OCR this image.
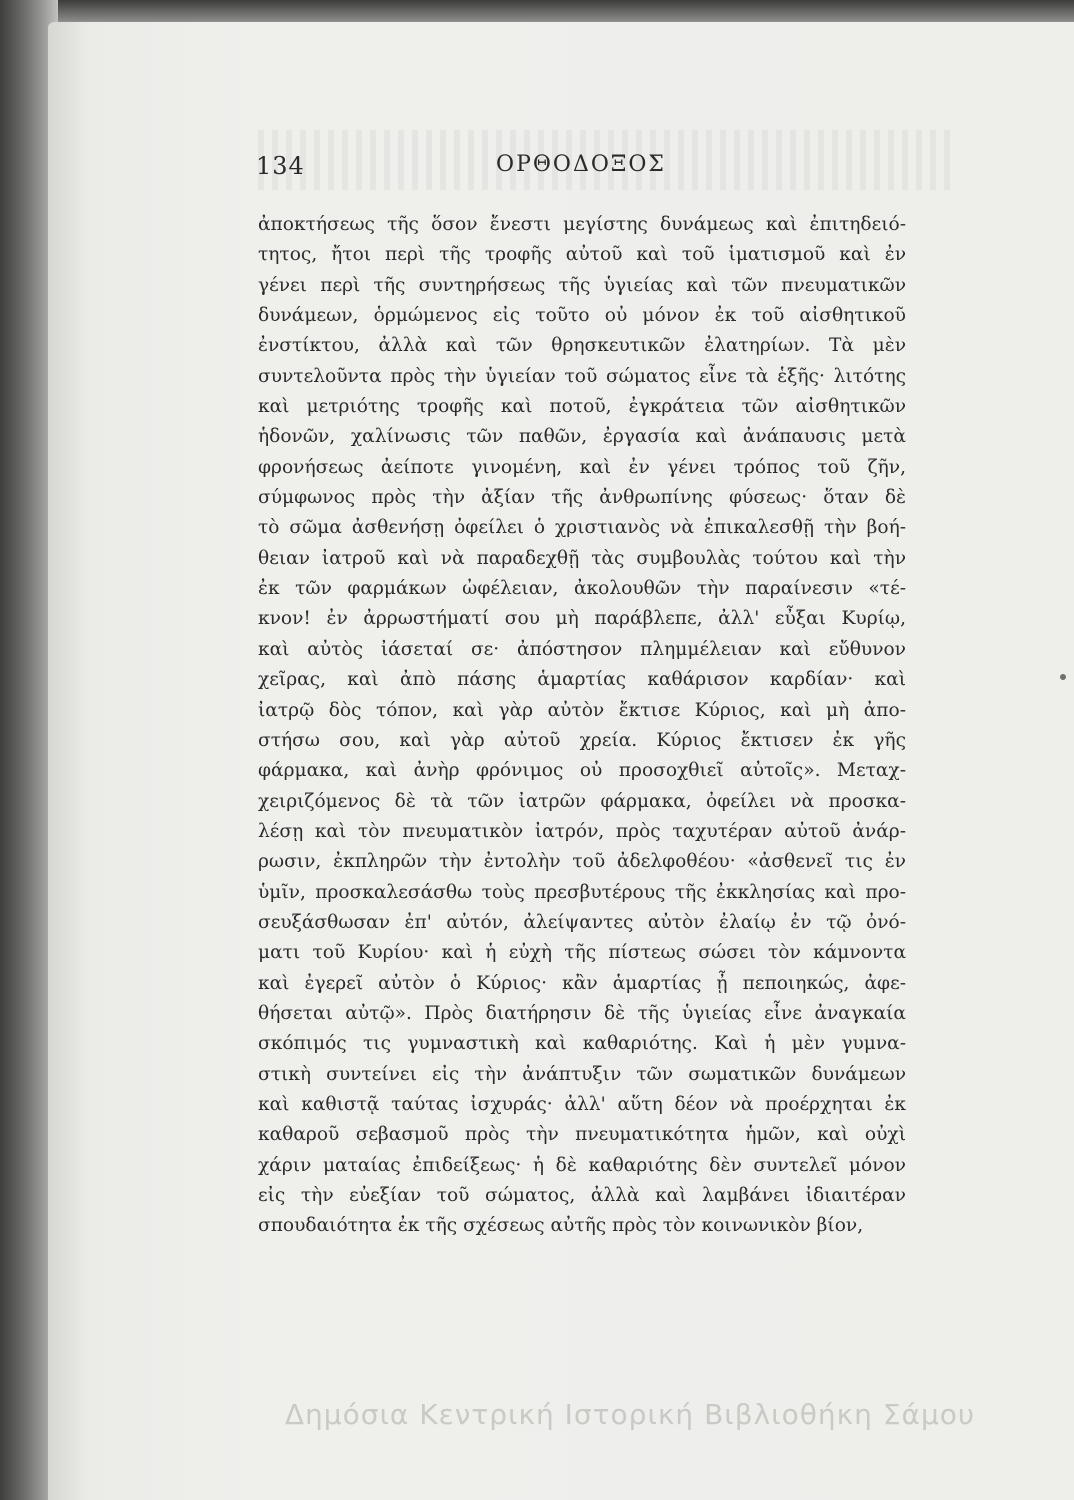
134	ΟΡΘΟΔΟΞΟΣ
ἀποκτήσεως τῆς ὅσον ἔνεστι μεγίστης δυνάμεως καὶ ἐπιτηδειό-
τητος, ἤτοι περὶ τῆς τροφῆς αὐτοῦ καὶ τοῦ ἱματισμοῦ καὶ ἐν
γένει περὶ τῆς συντηρήσεως τῆς ὑγιείας καὶ τῶν πνευματικῶν
δυνάμεων, ὁρμώμενος εἰς τοῦτο οὐ μόνον ἐκ τοῦ αἰσθητικοῦ
ἐνστίκτου, ἀλλὰ καὶ τῶν θρησκευτικῶν ἐλατηρίων. Τὰ μὲν
συντελοῦντα πρὸς τὴν ὑγιείαν τοῦ σώματος εἶνε τὰ ἑξῆς· λιτότης
καὶ μετριότης τροφῆς καὶ ποτοῦ, ἐγκράτεια τῶν αἰσθητικῶν
ἡδονῶν, χαλίνωσις τῶν παθῶν, ἐργασία καὶ ἀνάπαυσις μετὰ
φρονήσεως ἀείποτε γινομένη, καὶ ἐν γένει τρόπος τοῦ ζῆν,
σύμφωνος πρὸς τὴν ἀξίαν τῆς ἀνθρωπίνης φύσεως· ὅταν δὲ
τὸ σῶμα ἀσθενήσῃ ὀφείλει ὁ χριστιανὸς νὰ ἐπικαλεσθῇ τὴν βοή-
θειαν ἰατροῦ καὶ νὰ παραδεχθῇ τὰς συμβουλὰς τούτου καὶ τὴν
ἐκ τῶν φαρμάκων ὠφέλειαν, ἀκολουθῶν τὴν παραίνεσιν «τέ-
κνον! ἐν ἀρρωστήματί σου μὴ παράβλεπε, ἀλλ' εὖξαι Κυρίῳ,
καὶ αὐτὸς ἰάσεταί σε· ἀπόστησον πλημμέλειαν καὶ εὔθυνον
χεῖρας, καὶ ἀπὸ πάσης ἁμαρτίας καθάρισον καρδίαν· καὶ
ἰατρῷ δὸς τόπον, καὶ γὰρ αὐτὸν ἔκτισε Κύριος, καὶ μὴ ἀπο-
στήσω σου, καὶ γὰρ αὐτοῦ χρεία. Κύριος ἔκτισεν ἐκ γῆς
φάρμακα, καὶ ἀνὴρ φρόνιμος οὐ προσοχθιεῖ αὐτοῖς». Μεταχ-
χειριζόμενος δὲ τὰ τῶν ἰατρῶν φάρμακα, ὀφείλει νὰ προσκα-
λέσῃ καὶ τὸν πνευματικὸν ἰατρόν, πρὸς ταχυτέραν αὐτοῦ ἀνάρ-
ρωσιν, ἐκπληρῶν τὴν ἐντολὴν τοῦ ἀδελφοθέου· «ἀσθενεῖ τις ἐν
ὑμῖν, προσκαλεσάσθω τοὺς πρεσβυτέρους τῆς ἐκκλησίας καὶ προ-
σευξάσθωσαν ἐπ' αὐτόν, ἀλείψαντες αὐτὸν ἐλαίῳ ἐν τῷ ὀνό-
ματι τοῦ Κυρίου· καὶ ἡ εὐχὴ τῆς πίστεως σώσει τὸν κάμνοντα
καὶ ἐγερεῖ αὐτὸν ὁ Κύριος· κἂν ἁμαρτίας ᾖ πεποιηκώς, ἀφε-
θήσεται αὐτῷ». Πρὸς διατήρησιν δὲ τῆς ὑγιείας εἶνε ἀναγκαία
σκόπιμός τις γυμναστικὴ καὶ καθαριότης. Καὶ ἡ μὲν γυμνα-
στικὴ συντείνει εἰς τὴν ἀνάπτυξιν τῶν σωματικῶν δυνάμεων
καὶ καθιστᾷ ταύτας ἰσχυράς· ἀλλ' αὕτη δέον νὰ προέρχηται ἐκ
καθαροῦ σεβασμοῦ πρὸς τὴν πνευματικότητα ἡμῶν, καὶ οὐχὶ
χάριν ματαίας ἐπιδείξεως· ἡ δὲ καθαριότης δὲν συντελεῖ μόνον
εἰς τὴν εὐεξίαν τοῦ σώματος, ἀλλὰ καὶ λαμβάνει ἰδιαιτέραν
σπουδαιότητα ἐκ τῆς σχέσεως αὐτῆς πρὸς τὸν κοινωνικὸν βίον,
Δημόσια Κεντρική Ιστορική Βιβλιοθήκη Σάμου
